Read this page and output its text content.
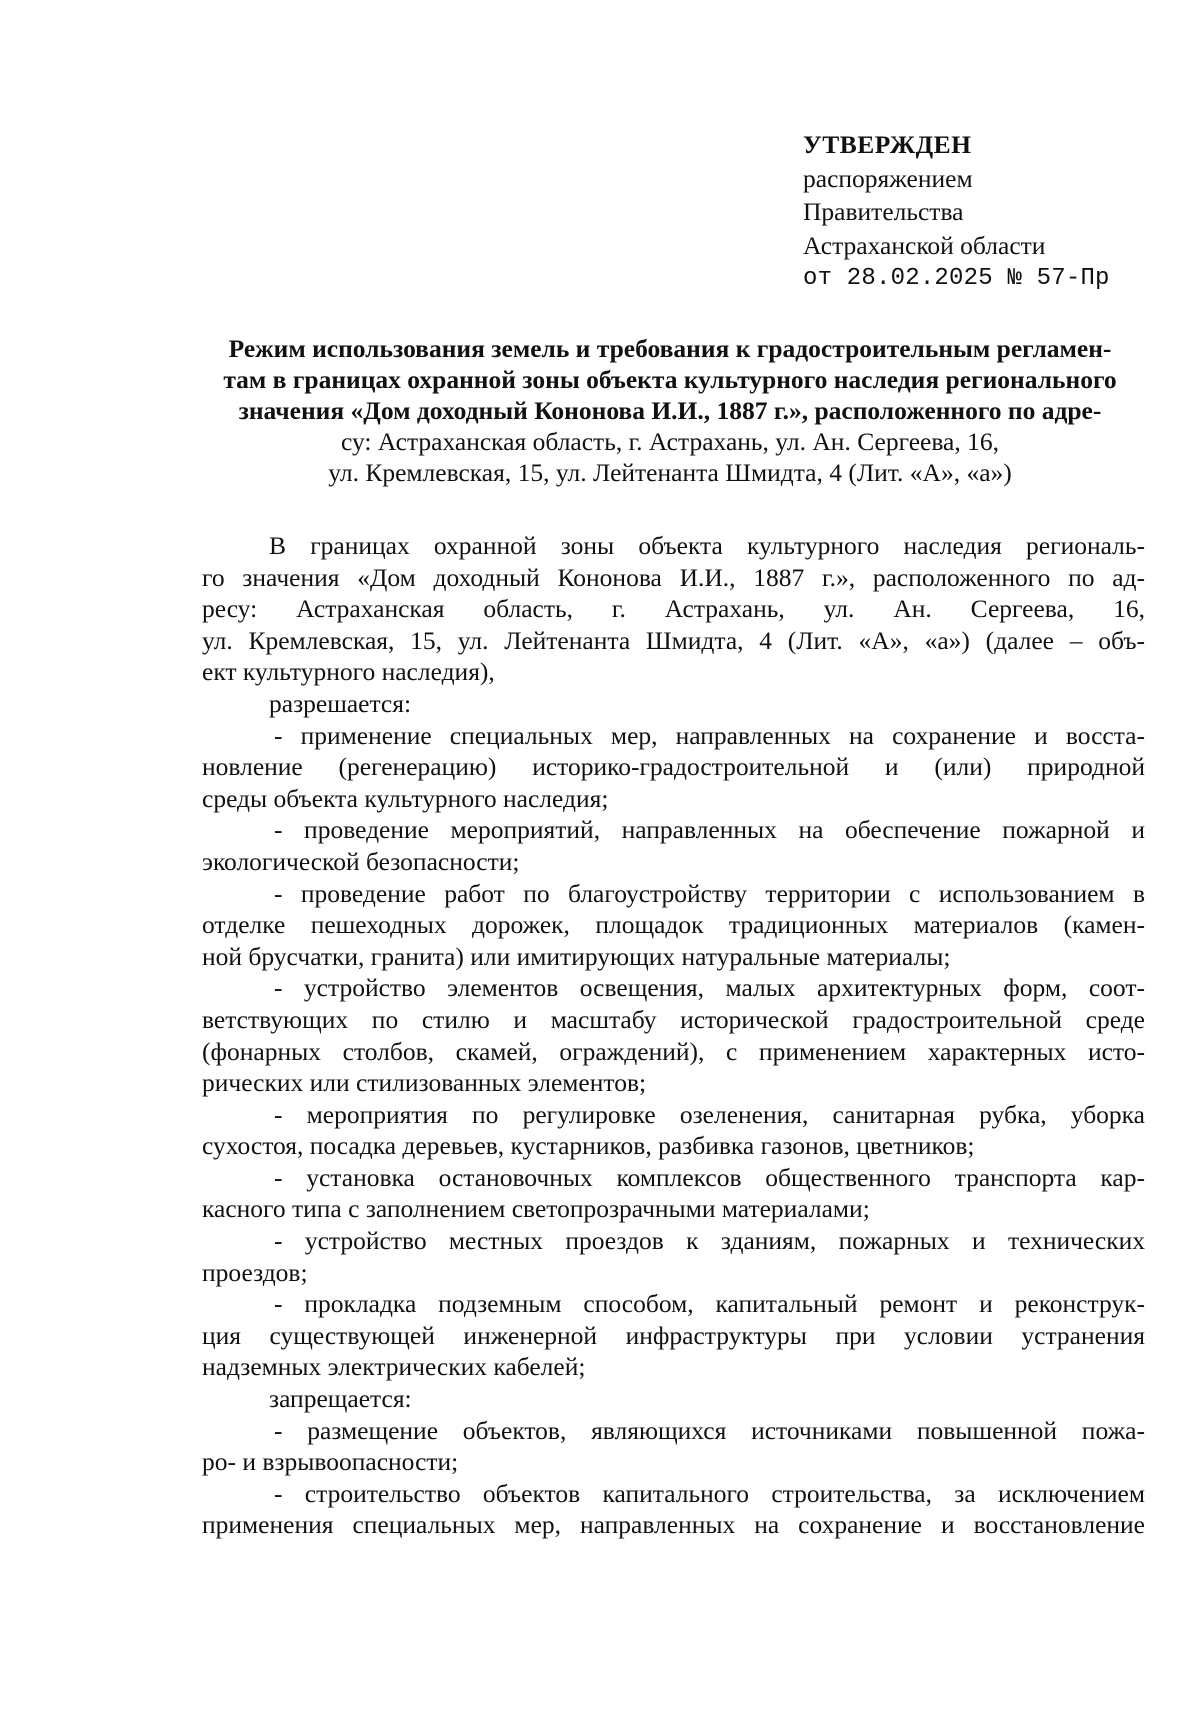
УТВЕРЖДЕН
распоряжением
Правительства
Астраханской области
от 28.02.2025 № 57-Пр
Режим использования земель и требования к градостроительным регламен-
там в границах охранной зоны объекта культурного наследия регионального
значения «Дом доходный Кононова И.И., 1887 г.», расположенного по адре-
су: Астраханская область, г. Астрахань, ул. Ан. Сергеева, 16,
ул. Кремлевская, 15, ул. Лейтенанта Шмидта, 4 (Лит. «А», «а»)
В границах охранной зоны объекта культурного наследия региональ-
го значения «Дом доходный Кононова И.И., 1887 г.», расположенного по ад-
ресу: Астраханская область, г. Астрахань, ул. Ан. Сергеева, 16,
ул. Кремлевская, 15, ул. Лейтенанта Шмидта, 4 (Лит. «А», «а») (далее – объ-
ект культурного наследия),
разрешается:
- применение специальных мер, направленных на сохранение и восста-
новление (регенерацию) историко-градостроительной и (или) природной
среды объекта культурного наследия;
- проведение мероприятий, направленных на обеспечение пожарной и
экологической безопасности;
- проведение работ по благоустройству территории с использованием в
отделке пешеходных дорожек, площадок традиционных материалов (камен-
ной брусчатки, гранита) или имитирующих натуральные материалы;
- устройство элементов освещения, малых архитектурных форм, соот-
ветствующих по стилю и масштабу исторической градостроительной среде
(фонарных столбов, скамей, ограждений), с применением характерных исто-
рических или стилизованных элементов;
- мероприятия по регулировке озеленения, санитарная рубка, уборка
сухостоя, посадка деревьев, кустарников, разбивка газонов, цветников;
- установка остановочных комплексов общественного транспорта кар-
касного типа с заполнением светопрозрачными материалами;
- устройство местных проездов к зданиям, пожарных и технических
проездов;
- прокладка подземным способом, капитальный ремонт и реконструк-
ция существующей инженерной инфраструктуры при условии устранения
надземных электрических кабелей;
запрещается:
- размещение объектов, являющихся источниками повышенной пожа-
ро- и взрывоопасности;
- строительство объектов капитального строительства, за исключением
применения специальных мер, направленных на сохранение и восстановление
